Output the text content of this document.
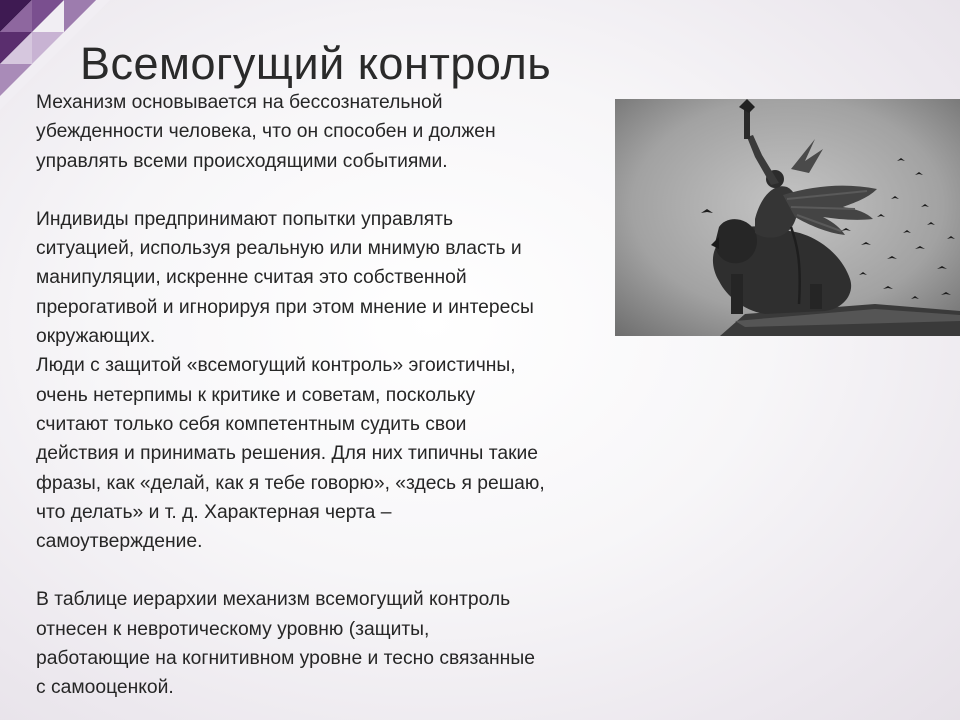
Всемогущий контроль

Механизм основывается на бессознательной
убежденности человека, что он способен и должен
управлять всеми происходящими событиями.

Индивиды предпринимают попытки управлять
ситуацией, используя реальную или мнимую власть и
манипуляции, искренне считая это собственной
прерогативой и игнорируя при этом мнение и интересы
окружающих.

Люди с защитой «всемогущий контроль» эгоистичны,
очень нетерпимы к критике и советам, поскольку
считают только себя компетентным судить свои
действия и принимать решения. Для них типичны такие
фразы, как «делай, как я тебе говорю», «здесь я решаю,
что делать» и т. д. Характерная черта –
самоутверждение.

В таблице иерархии механизм всемогущий контроль
отнесен к невротическому уровню (защиты,
работающие на когнитивном уровне и тесно связанные
с самооценкой.
